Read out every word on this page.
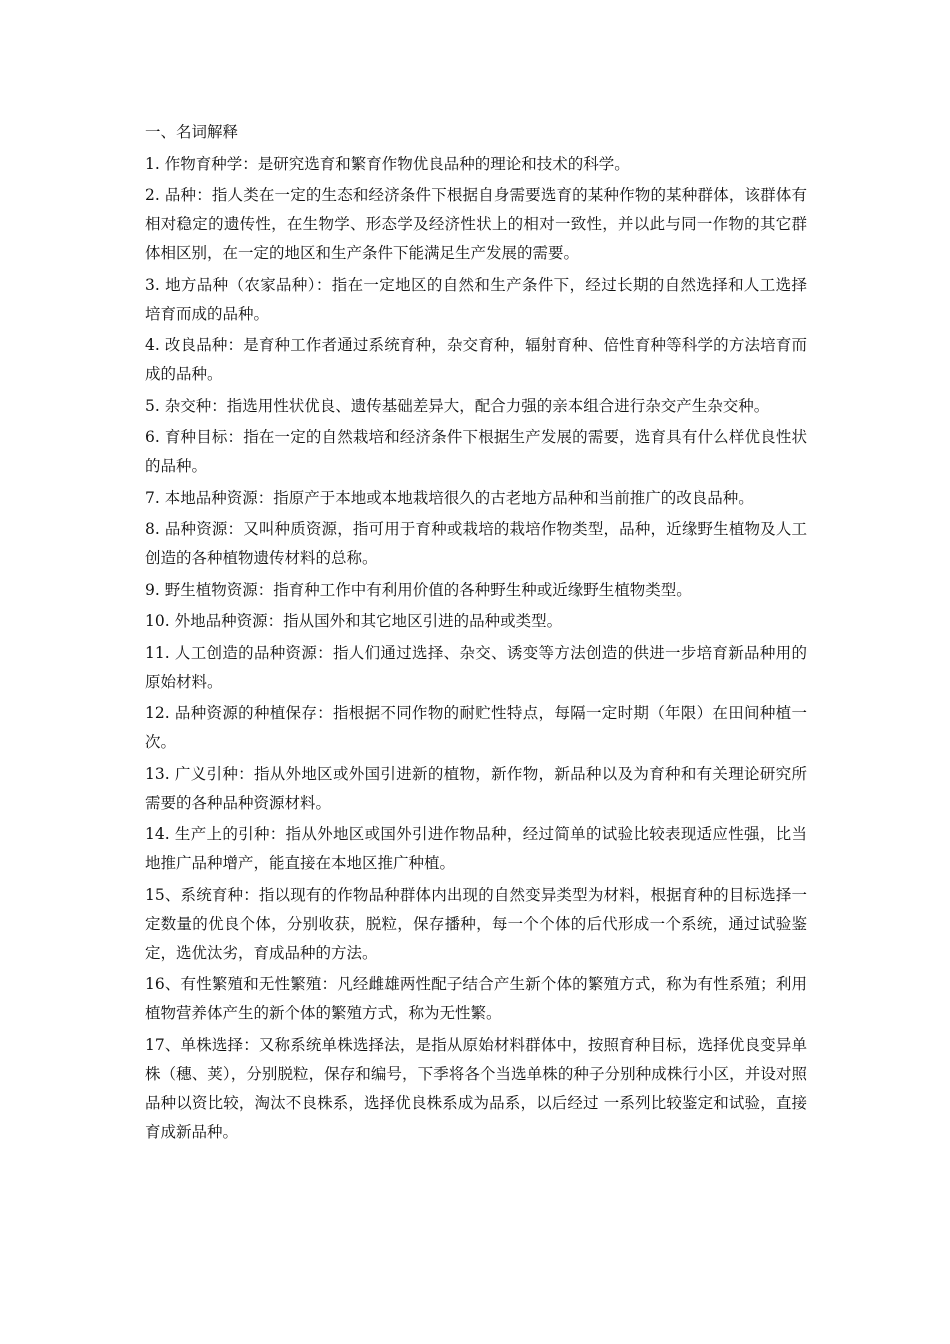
一、名词解释

1. 作物育种学：是研究选育和繁育作物优良品种的理论和技术的科学。

2. 品种：指人类在一定的生态和经济条件下根据自身需要选育的某种作物的某种群体，该群体有相对稳定的遗传性，在生物学、形态学及经济性状上的相对一致性，并以此与同一作物的其它群体相区别，在一定的地区和生产条件下能满足生产发展的需要。

3. 地方品种（农家品种）：指在一定地区的自然和生产条件下，经过长期的自然选择和人工选择培育而成的品种。

4. 改良品种：是育种工作者通过系统育种，杂交育种，辐射育种、倍性育种等科学的方法培育而成的品种。

5. 杂交种：指选用性状优良、遗传基础差异大，配合力强的亲本组合进行杂交产生杂交种。

6. 育种目标：指在一定的自然栽培和经济条件下根据生产发展的需要，选育具有什么样优良性状的品种。

7. 本地品种资源：指原产于本地或本地栽培很久的古老地方品种和当前推广的改良品种。

8. 品种资源：又叫种质资源，指可用于育种或栽培的栽培作物类型，品种，近缘野生植物及人工创造的各种植物遗传材料的总称。

9. 野生植物资源：指育种工作中有利用价值的各种野生种或近缘野生植物类型。

10. 外地品种资源：指从国外和其它地区引进的品种或类型。

11. 人工创造的品种资源：指人们通过选择、杂交、诱变等方法创造的供进一步培育新品种用的原始材料。

12. 品种资源的种植保存：指根据不同作物的耐贮性特点，每隔一定时期（年限）在田间种植一次。

13. 广义引种：指从外地区或外国引进新的植物，新作物，新品种以及为育种和有关理论研究所需要的各种品种资源材料。

14. 生产上的引种：指从外地区或国外引进作物品种，经过简单的试验比较表现适应性强，比当地推广品种增产，能直接在本地区推广种植。

15、系统育种：指以现有的作物品种群体内出现的自然变异类型为材料，根据育种的目标选择一定数量的优良个体，分别收获，脱粒，保存播种，每一个个体的后代形成一个系统，通过试验鉴定，选优汰劣，育成品种的方法。

16、有性繁殖和无性繁殖：凡经雌雄两性配子结合产生新个体的繁殖方式，称为有性系殖；利用植物营养体产生的新个体的繁殖方式，称为无性繁。

17、单株选择：又称系统单株选择法，是指从原始材料群体中，按照育种目标，选择优良变异单株（穗、荚），分别脱粒，保存和编号，下季将各个当选单株的种子分别种成株行小区，并设对照品种以资比较，淘汰不良株系，选择优良株系成为品系，以后经过 一系列比较鉴定和试验，直接育成新品种。
